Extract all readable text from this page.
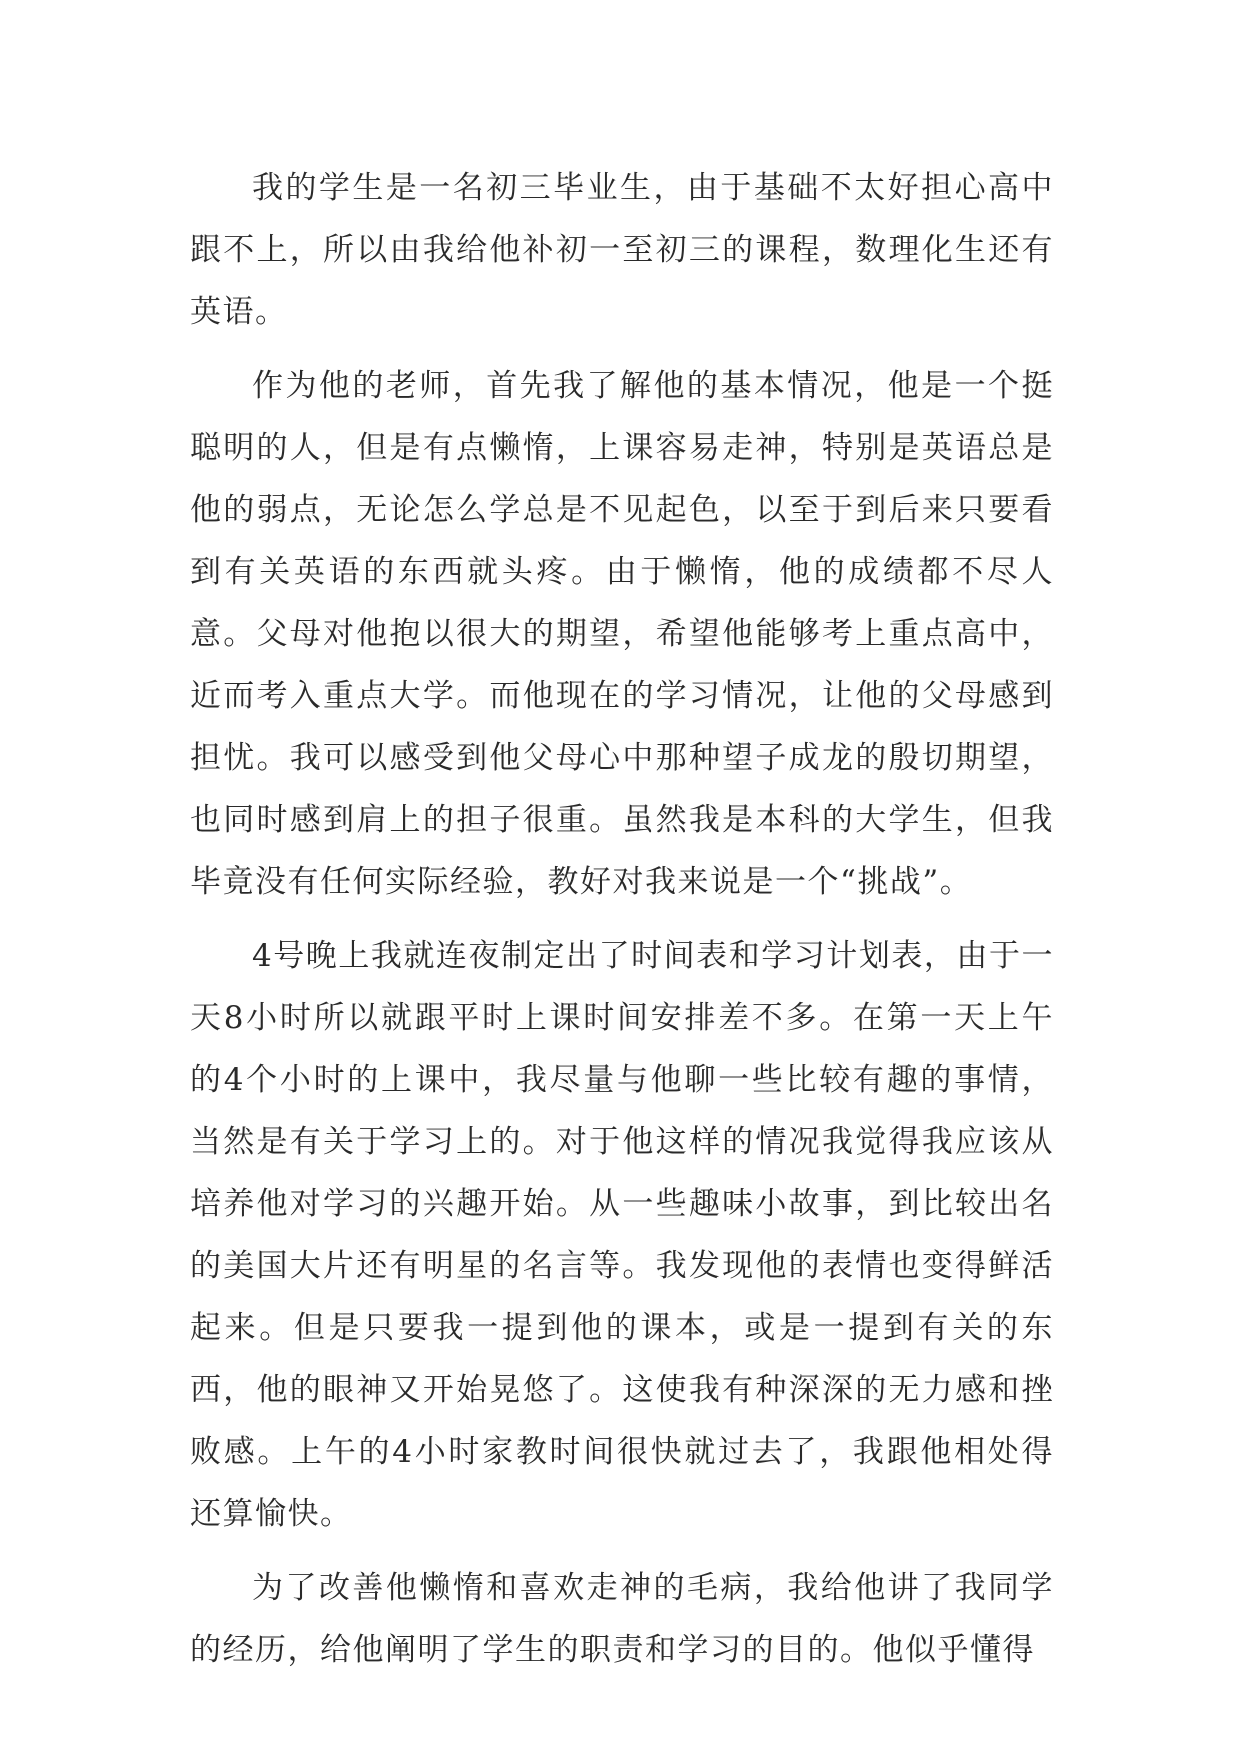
我的学生是一名初三毕业生，由于基础不太好担心高中跟不上，所以由我给他补初一至初三的课程，数理化生还有英语。

作为他的老师，首先我了解他的基本情况，他是一个挺聪明的人，但是有点懒惰，上课容易走神，特别是英语总是他的弱点，无论怎么学总是不见起色，以至于到后来只要看到有关英语的东西就头疼。由于懒惰，他的成绩都不尽人意。父母对他抱以很大的期望，希望他能够考上重点高中，近而考入重点大学。而他现在的学习情况，让他的父母感到担忧。我可以感受到他父母心中那种望子成龙的殷切期望，也同时感到肩上的担子很重。虽然我是本科的大学生，但我毕竟没有任何实际经验，教好对我来说是一个“挑战”。

4号晚上我就连夜制定出了时间表和学习计划表，由于一天8小时所以就跟平时上课时间安排差不多。在第一天上午的4个小时的上课中，我尽量与他聊一些比较有趣的事情，当然是有关于学习上的。对于他这样的情况我觉得我应该从培养他对学习的兴趣开始。从一些趣味小故事，到比较出名的美国大片还有明星的名言等。我发现他的表情也变得鲜活起来。但是只要我一提到他的课本，或是一提到有关的东西，他的眼神又开始晃悠了。这使我有种深深的无力感和挫败感。上午的4小时家教时间很快就过去了，我跟他相处得还算愉快。

为了改善他懒惰和喜欢走神的毛病，我给他讲了我同学的经历，给他阐明了学生的职责和学习的目的。他似乎懂得
